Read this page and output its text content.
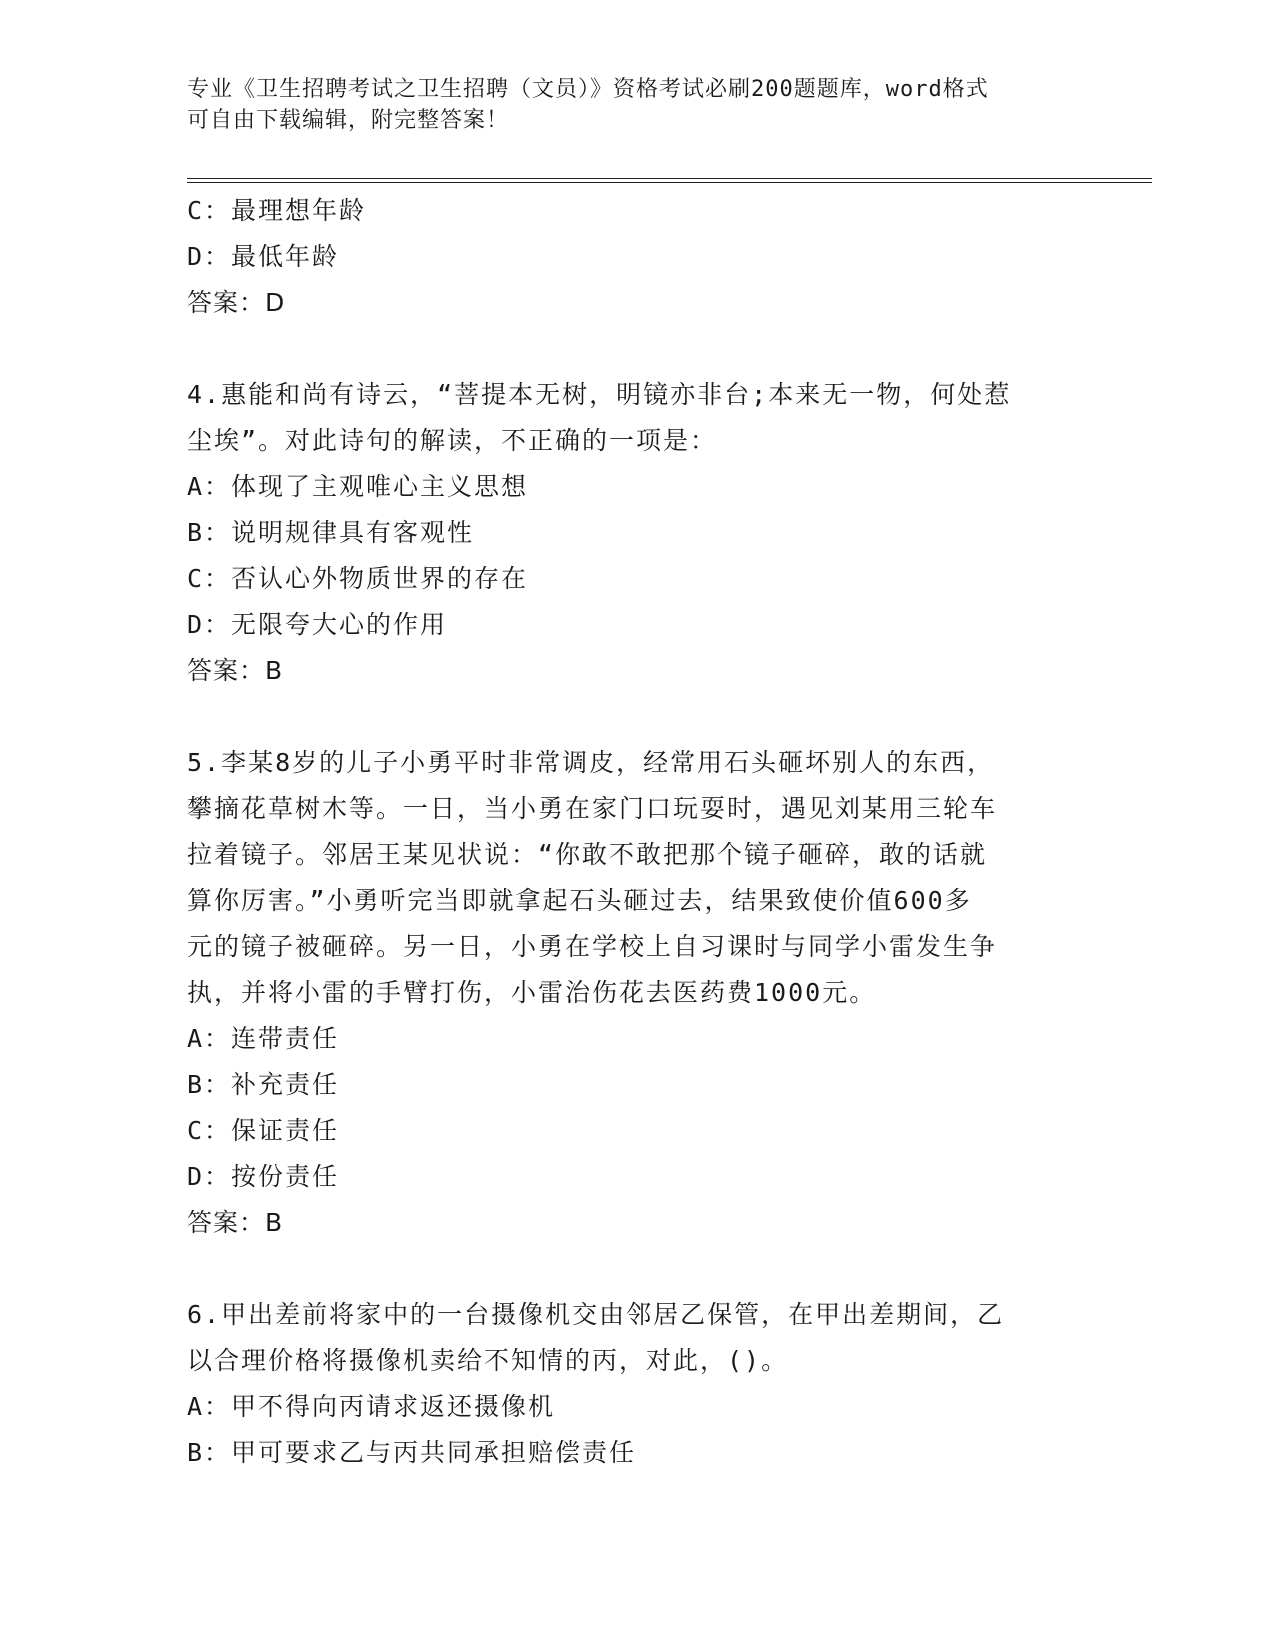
专业《卫生招聘考试之卫生招聘（文员）》资格考试必刷200题题库，word格式
可自由下载编辑，附完整答案！
C：最理想年龄
D：最低年龄
答案：D
4.惠能和尚有诗云，“菩提本无树，明镜亦非台;本来无一物，何处惹
尘埃”。对此诗句的解读，不正确的一项是：
A：体现了主观唯心主义思想
B：说明规律具有客观性
C：否认心外物质世界的存在
D：无限夸大心的作用
答案：B
5.李某8岁的儿子小勇平时非常调皮，经常用石头砸坏别人的东西，
攀摘花草树木等。一日，当小勇在家门口玩耍时，遇见刘某用三轮车
拉着镜子。邻居王某见状说：“你敢不敢把那个镜子砸碎，敢的话就
算你厉害。”小勇听完当即就拿起石头砸过去，结果致使价值600多
元的镜子被砸碎。另一日，小勇在学校上自习课时与同学小雷发生争
执，并将小雷的手臂打伤，小雷治伤花去医药费1000元。
A：连带责任
B：补充责任
C：保证责任
D：按份责任
答案：B
6.甲出差前将家中的一台摄像机交由邻居乙保管，在甲出差期间，乙
以合理价格将摄像机卖给不知情的丙，对此，()。
A：甲不得向丙请求返还摄像机
B：甲可要求乙与丙共同承担赔偿责任
